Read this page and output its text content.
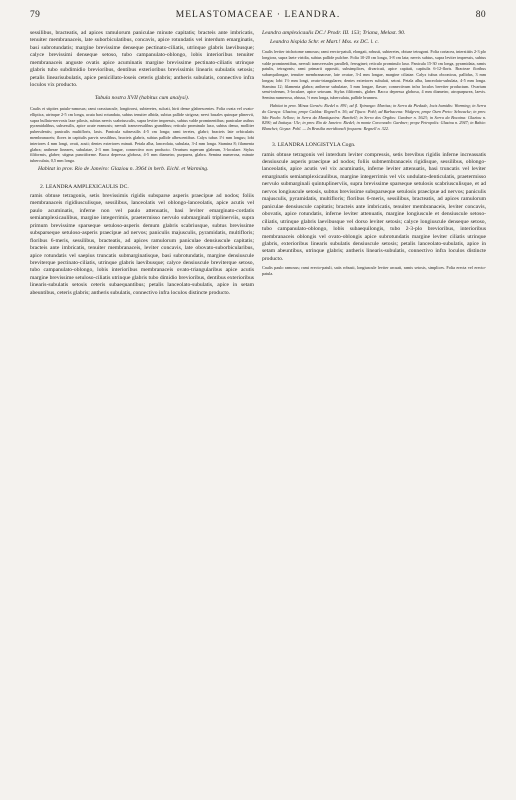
79	MELASTOMACEAE · LEANDRA.	80

sessilibus, bracteatis, ad apices ramulorum paniculae minute capitatis; bracteis ante imbricatis, tenuiter membranaceis, late suborbiculatibus, concavis, apice rotundatis vel interdum emarginatis, basi subrotundatis; margine brevissime denseque pectinato-ciliatis, utrinque glabris laevibusque; calyce brevissimi denseque setoso, tubo campanulato-oblongo, lobis interioribus tenuiter membranaceis anguste ovatis apice acuminatis margine brevissime pectinato-ciliatis utrinque glabris tubo subdimidio brevioribus, dentibus exterioribus brevissimis linearis subulatis setosis; petalis linearisubulatis, apice penicillato-loseis ceteris glabris; antheris subulatis, connectivo infra loculos vix producto.

Tabula nostra XVII (habitus cum analysi).

Caulis et stipites patulo-ramosus; rami crassiuscule, longitrorsi, subteretes, sulcati, hirti dense glabrescentes. Folia ovata vel ovato-elliptica, utrinque 2-5 cm longa, acuta basi rotundata, subtus tenuiter albida, subtus pallide strigosa; nervi basales quinque plinervii, supra bullato-nervosis laxe pilosis, subtus nervis scabriusculis, supra leviter impressis, subtus valde prominentibus; paniculae axibus pyramidalibus, subsessilis, apice acute eramosis; nervuli transversalibus grandibus; reticulo prominulo laxo, subtus denso, molliter puberulentis; paniculis multifloris, laxis. Panicula subsessilis 4-5 cm longa; rami teretes, glabri; bracteis late orbiculatis membranaceis; flores in capitulis parvis sessilibus, bracteis glabris, subtus pallide albescentibus. Calyx tubus 1½ mm longus; lobi interiores 4 mm longi, ovati, acuti; dentes exteriores minuti. Petala alba, lanceolata, subulata, 3-4 mm longa. Stamina 8; filamenta glabra; antherae lineares, subulatae, 2-3 mm longae, connectivo non producto. Ovarium superum glabrum, 3-loculare. Stylus filiformis, glaber; stigma punctiforme. Bacca depressa globosa, 4-5 mm diametro, purpurea, glabra. Semina numerosa, minute tuberculata, 0,5 mm longa.

Habitat in prov. Rio de Janeiro: Glaziou n. 3964 in herb. Eichl. et Warming.

2. LEANDRA AMPLEXICAULIS DC.

ramis obtuse tetragonis, setis brevissimis rigidis subsparse asperis praecipue ad nodos; foliis membranaceis rigidiusculisque, sessilibus, lanceolatis vel oblongo-lanceolatis, apice acutis vel paulo acuminatis, inferne non vel paulo attenuatis, basi leviter emarginato-cordatis semiamplexicaulibus, margine integerrimis, praetermisso nervulo submarginali triplinerviis, supra primum brevissime sparseque setuloso-asperis demum glabris scabriusque, subtus brevissime subsparseque setuloso-asperis praecipue ad nervos; paniculis majusculis, pyramidatis, multifloris; floribus 6-meris, sessilibus, bracteatis, ad apices ramulorum paniculae densiuscule capitatis; bracteis ante imbricatis, tenuiter membranaceis, leviter concavis, late obovato-suborbicularibus, apice rotundatis vel saepius truncatis submarginatisque, basi subrotundatis, margine densiuscule breviterque pectinato-ciliatis, utrinque glabris laevibusque; calyce densiuscule breviterque setoso, tubo campanulato-oblongo, lobis interioribus membranaceis ovato-triangularibus apice acutis margine brevissime setuloso-ciliatis utrinque glabris tubo dimidio brevioribus, dentibus exterioribus linearis-subulatis setosis ceteris subaequantibus; petalis lanceolato-subulatis, apice in setam abeuntibus, ceteris glabris; antheris subulatis, connectivo infra loculos distincte producto.

Leandra amplexicaulis DC.! Prodr. III. 153; Triana, Melast. 90.

Leandra hispida Schr. et Mart.! Mss. ex DC. l. c.

Caulis leviter trichotome ramosus; rami erecto-patuli, elongati, robusti, subteretes, obtuse tetragoni. Folia coriacea, interstitiis 2-3 plo longiora, supra laete viridia, subtus pallide pulchre. Folia 10-20 cm longa, 3-8 cm lata; nervis subtus, supra leviter impressis, subtus valde prominentibus, nervuli transversales paralleli, ferruginei; reticulo prominulo laxo. Panicula 15-30 cm longa, pyramidata, ramis patulis, tetragonis; rami primarii oppositi, subsimplices, divaricati, apice capitati, capitulis 6-12-floris. Bracteae floribus subaequilongae, tenuiter membranaceae, late ovatae, 3-4 mm longae, margine ciliatae. Calyx tubus obconicus, pallidus, 3 mm longus; lobi 1½ mm longi, ovato-triangulares; dentes exteriores subulati, setosi. Petala alba, lanceolato-subulata, 4-5 mm longa. Stamina 12; filamenta glabra; antherae subulatae, 3 mm longae, flavae; connectivum infra loculos breviter productum. Ovarium semi-inferum, 3-loculare, apice setosum. Stylus filiformis, glaber. Bacca depressa globosa, 4 mm diametro, atropurpurea, laevis. Semina numerosa, obtusa, ½ mm longa, tuberculata, pallide brunnea.

Habitat in prov. Minas Geraës: Riedel n. 891; ad fl. Ypiranga: Martius; in Serra da Piedade, locis humidis: Warming; in Serra do Caraça: Glaziou; prope Caldas: Regnell n. 56; ad Tijuco: Pohl; ad Barbacena: Widgren; prope Ouro Preto: Schwacke; in prov. São Paulo: Sellow; in Serra da Mantiqueira: Burchell; in Serra dos Orgãos: Gardner n. 5623; in Serra da Bocaina: Glaziou n. 8290; ad Itatiaya: Ule; in prov. Rio de Janeiro: Riedel; in monte Corcovado: Gardner; prope Petropolis: Glaziou n. 2947; in Bahia: Blanchet; Goyaz: Pohl. — In Brasilia meridionali frequens: Regnell n. 322.

3. LEANDRA LONGISTYLA Cogn.

ramis obtuse tetragonis vel interdum leviter compressis, setis brevibus rigidis inferne increassatis densiuscule asperis praecipue ad nodos; foliis submembranaceis rigidisque, sessilibus, oblongo-lanceolatis, apice acutis vel vix acuminatis, inferne leviter attenuatis, basi truncatis vel leviter emarginatis semiamplexicaulibus, margine integerrimis vel vix undulato-denticulatis, praetermisso nervulo submarginali quintuplinerviis, supra brevissime sparseque setulosis scabriusculisque, et ad nervos longiuscule setosis, subtus brevissime subsparseque setulosis praecipue ad nervos; paniculis majusculis, pyramidatis, multifloris; floribus 6-meris, sessilibus, bracteatis, ad apices ramulorum paniculae densiuscule capitatis; bracteis ante imbricatis, tenuiter membranaceis, leviter concavis, obovatis, apice rotundatis, inferne leviter attenuatis, margine longiuscule et densiuscule setoso-ciliatis, utrinque glabris laevibusque vel dorso leviter setosis; calyce longiuscule denseque setoso, tubo campanulato-oblongo, lobis subaequilongis, tubo 2-3-plo brevioribus, interioribus membranaceis oblongis vel ovato-oblongis apice subrotundatis margine leviter ciliatis utrinque glabris, exterioribus linearis subulatis densiuscule setosis; petalis lanceolato-subulatis, apice in setam abeuntibus, utrinque glabris; antheris linearis-subulatis, connectivo infra loculos distincte producto.

Caulis paulo ramosus; rami erecto-patuli, satis robusti, longiuscule leviter arcuati, ramis setosis, simplices. Folia erecta vel erecto-patula.
